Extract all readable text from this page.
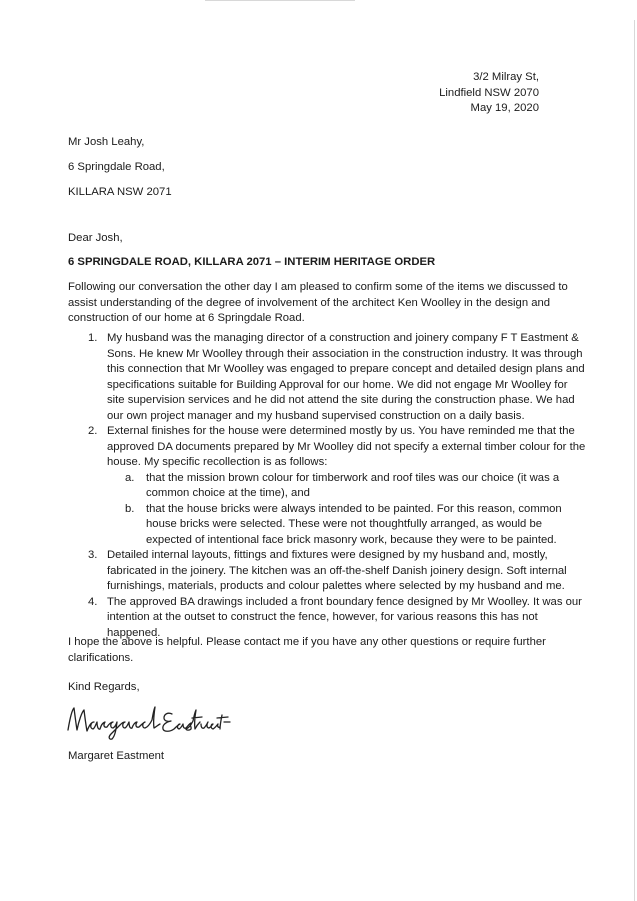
3/2 Milray St,
Lindfield NSW 2070
May 19, 2020
Mr Josh Leahy,
6 Springdale Road,
KILLARA NSW 2071
Dear Josh,
6 SPRINGDALE ROAD, KILLARA 2071 – INTERIM HERITAGE ORDER
Following our conversation the other day I am pleased to confirm some of the items we discussed to assist understanding of the degree of involvement of the architect Ken Woolley in the design and construction of our home at 6 Springdale Road.
1. My husband was the managing director of a construction and joinery company F T Eastment & Sons. He knew Mr Woolley through their association in the construction industry. It was through this connection that Mr Woolley was engaged to prepare concept and detailed design plans and specifications suitable for Building Approval for our home. We did not engage Mr Woolley for site supervision services and he did not attend the site during the construction phase. We had our own project manager and my husband supervised construction on a daily basis.
2. External finishes for the house were determined mostly by us. You have reminded me that the approved DA documents prepared by Mr Woolley did not specify a external timber colour for the house. My specific recollection is as follows:
a. that the mission brown colour for timberwork and roof tiles was our choice (it was a common choice at the time), and
b. that the house bricks were always intended to be painted. For this reason, common house bricks were selected. These were not thoughtfully arranged, as would be expected of intentional face brick masonry work, because they were to be painted.
3. Detailed internal layouts, fittings and fixtures were designed by my husband and, mostly, fabricated in the joinery. The kitchen was an off-the-shelf Danish joinery design. Soft internal furnishings, materials, products and colour palettes where selected by my husband and me.
4. The approved BA drawings included a front boundary fence designed by Mr Woolley. It was our intention at the outset to construct the fence, however, for various reasons this has not happened.
I hope the above is helpful. Please contact me if you have any other questions or require further clarifications.
Kind Regards,
Margaret Eastment
